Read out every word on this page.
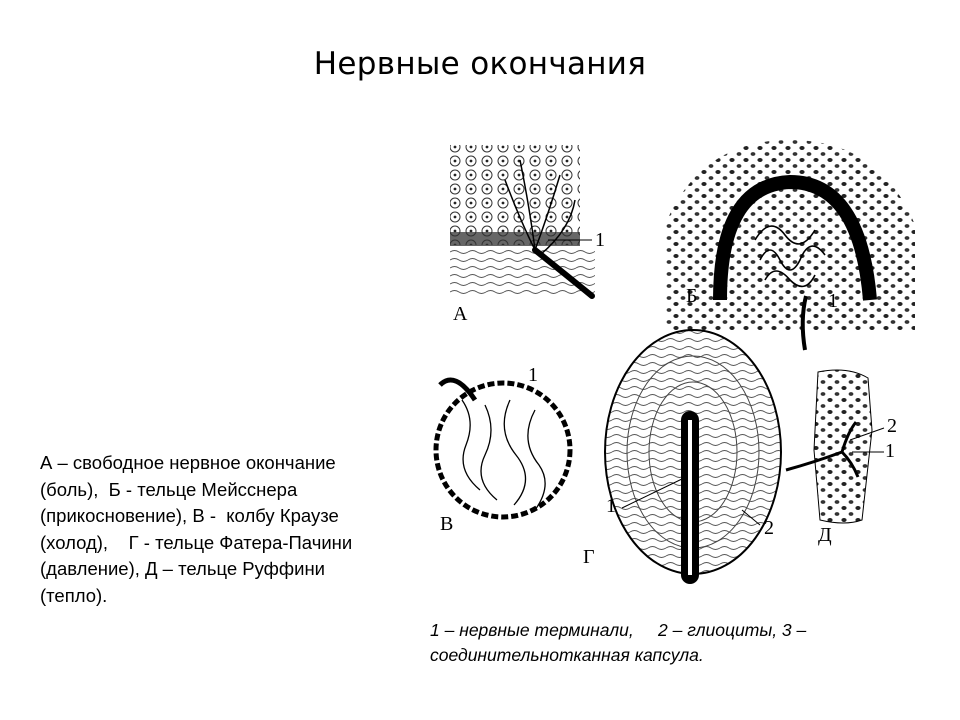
Нервные окончания
1
А
Б	1
1
В
1
2
Г
2
1
Д
А – свободное нервное окончание
(боль),  Б - тельце Мейсснера
(прикосновение), В -  колбу Краузе
(холод),    Г - тельце Фатера-Пачини
(давление), Д – тельце Руффини
(тепло).
1 – нервные терминали,     2 – глиоциты, 3 –
соединительнотканная капсула.
